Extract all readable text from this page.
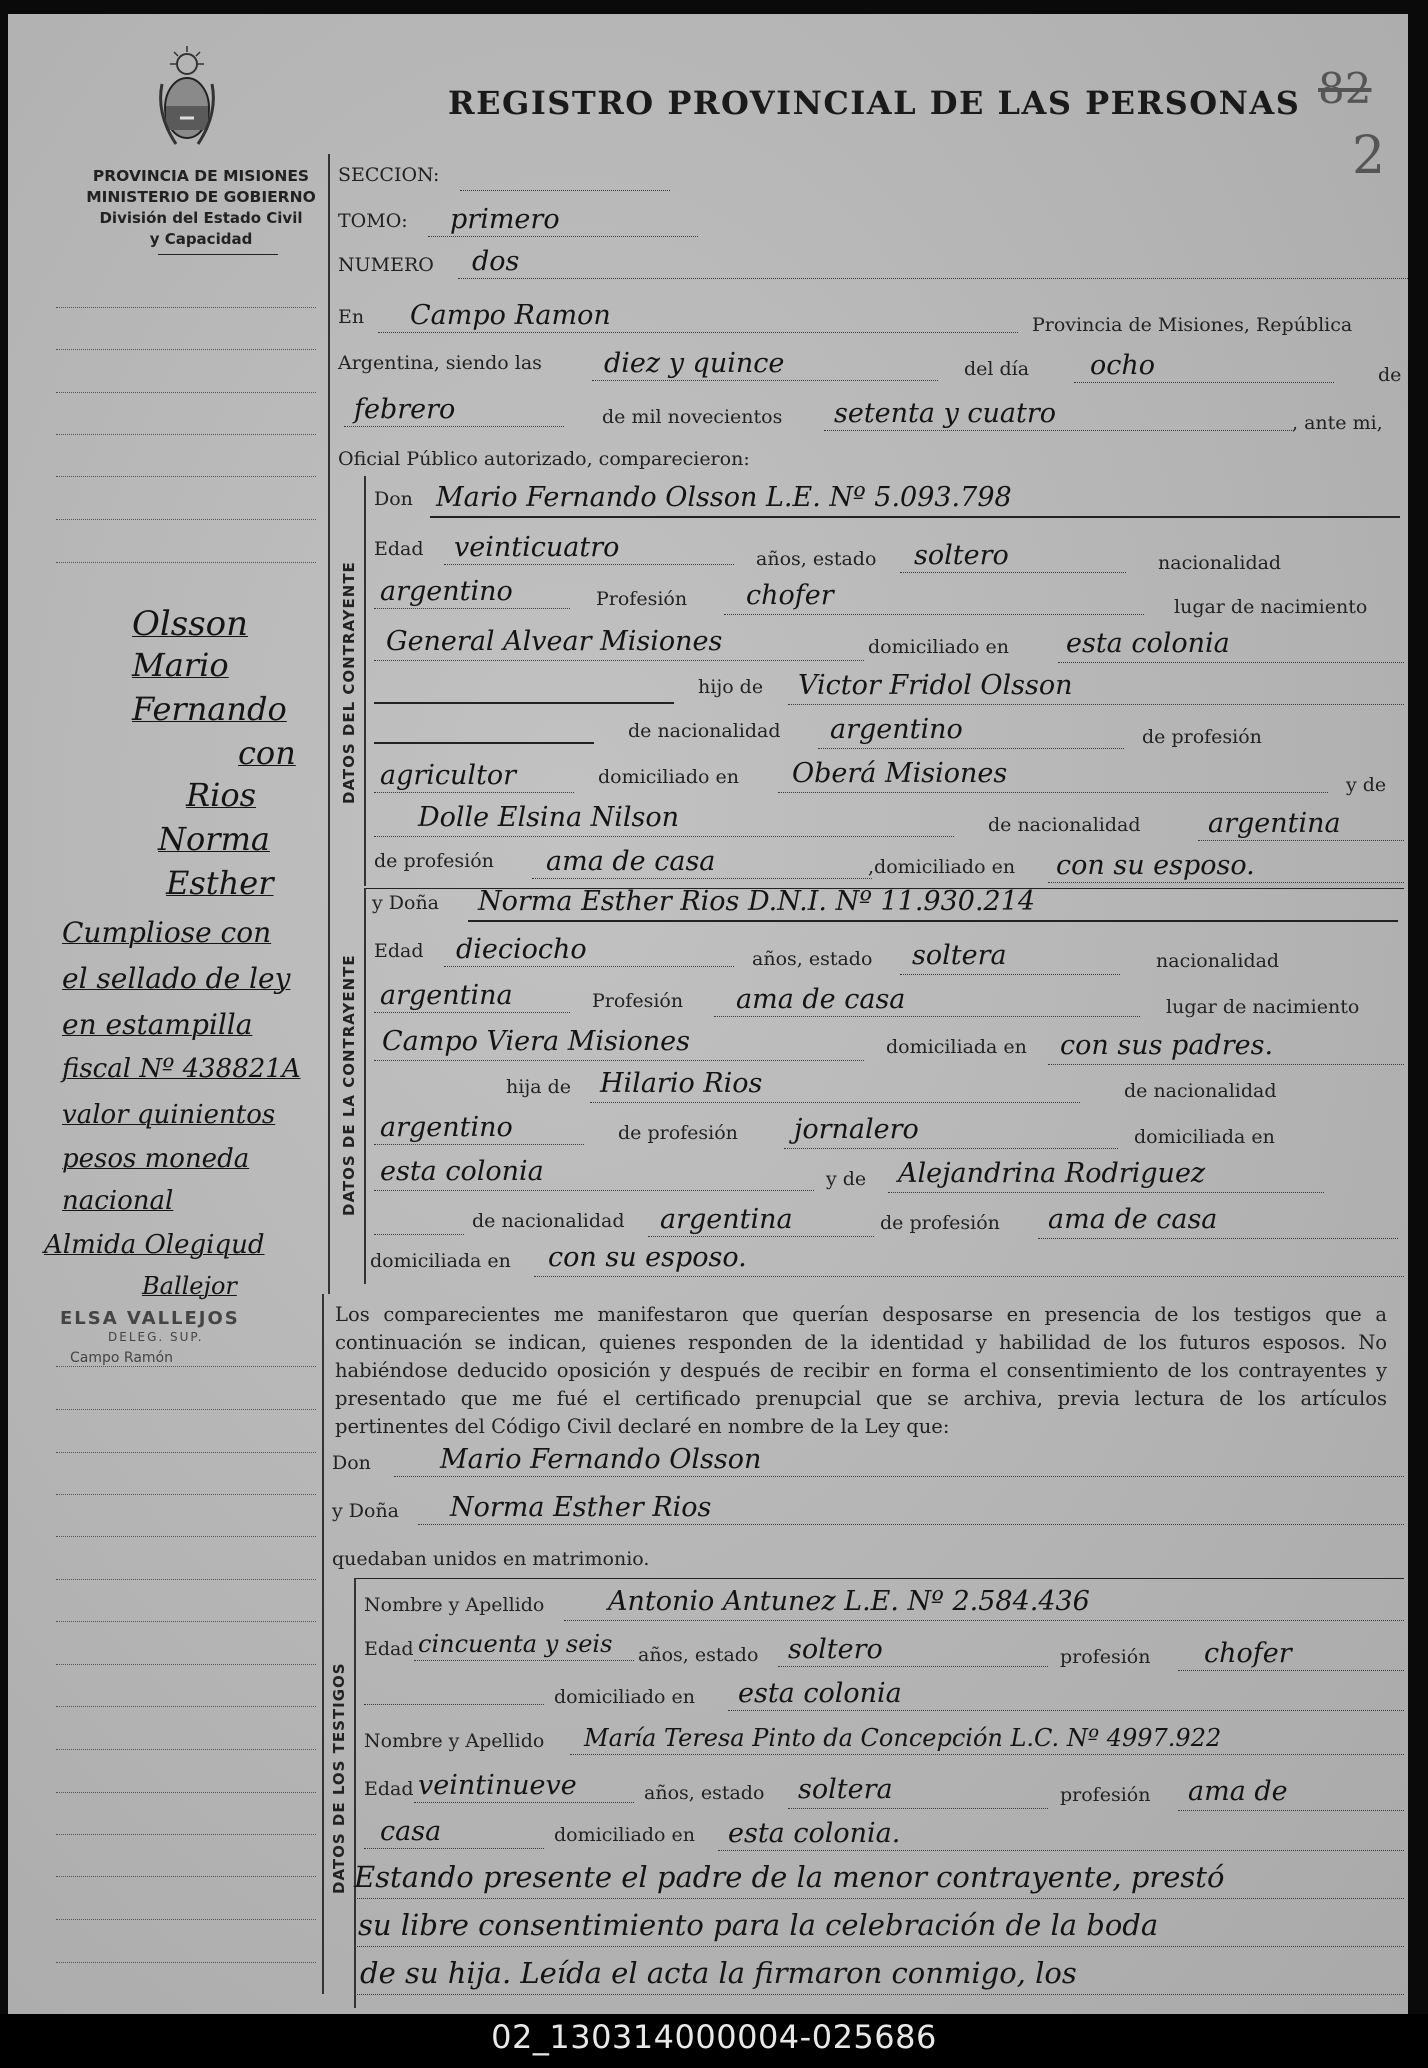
PROVINCIA DE MISIONES
MINISTERIO DE GOBIERNO
División del Estado Civil
y Capacidad
REGISTRO PROVINCIAL DE LAS PERSONAS 82
2
Olsson
Mario
Fernando
con
Rios
Norma
Esther
Cumpliose con
el sellado de ley
en estampilla
fiscal Nº 438821A
valor quinientos
pesos moneda
nacional
Almida Olegiqud
Ballejor
ELSA VALLEJOS
DELEG. SUP.
Campo Ramón
SECCION:
TOMO: primero
NUMERO dos
En Campo Ramon	Provincia de Misiones, República
Argentina, siendo las diez y quince	del día ocho	de
febrero	de mil novecientos setenta y cuatro	, ante mi,
Oficial Público autorizado, comparecieron:
DATOS DEL CONTRAYENTE
Don Mario Fernando Olsson L.E. Nº 5.093.798
Edad veinticuatro	años, estado soltero	nacionalidad
argentino	Profesión chofer	lugar de nacimiento
General Alvear Misiones	domiciliado en esta colonia
hijo de Victor Fridol Olsson
de nacionalidad argentino	de profesión
agricultor	domiciliado en Oberá Misiones	y de
Dolle Elsina Nilson	de nacionalidad argentina
de profesión ama de casa	,domiciliado en con su esposo.
DATOS DE LA CONTRAYENTE
y Doña Norma Esther Rios D.N.I. Nº 11.930.214
Edad dieciocho	años, estado soltera	nacionalidad
argentina	Profesión ama de casa	lugar de nacimiento
Campo Viera Misiones	domiciliada en con sus padres.
hija de Hilario Rios	de nacionalidad
argentino	de profesión jornalero	domiciliada en
esta colonia	y de Alejandrina Rodriguez
de nacionalidad argentina	de profesión ama de casa
domiciliada en con su esposo.
Los comparecientes me manifestaron que querían desposarse en presencia de los testigos que a continuación se indican, quienes responden de la identidad y habilidad de los futuros esposos. No habiéndose deducido oposición y después de recibir en forma el consentimiento de los contrayentes y presentado que me fué el certificado prenupcial que se archiva, previa lectura de los artículos pertinentes del Código Civil declaré en nombre de la Ley que:
Don	Mario Fernando Olsson
y Doña Norma Esther Rios
quedaban unidos en matrimonio.
DATOS DE LOS TESTIGOS
Nombre y Apellido Antonio Antunez L.E. Nº 2.584.436
Edad cincuenta y seis años, estado soltero	profesión chofer
domiciliado en esta colonia
Nombre y Apellido María Teresa Pinto da Concepción L.C. Nº 4997.922
Edad veintinueve	años, estado soltera	profesión ama de
casa	domiciliado en esta colonia.
Estando presente el padre de la menor contrayente, prestó
su libre consentimiento para la celebración de la boda
de su hija. Leída el acta la firmaron conmigo, los
02_130314000004-025686
